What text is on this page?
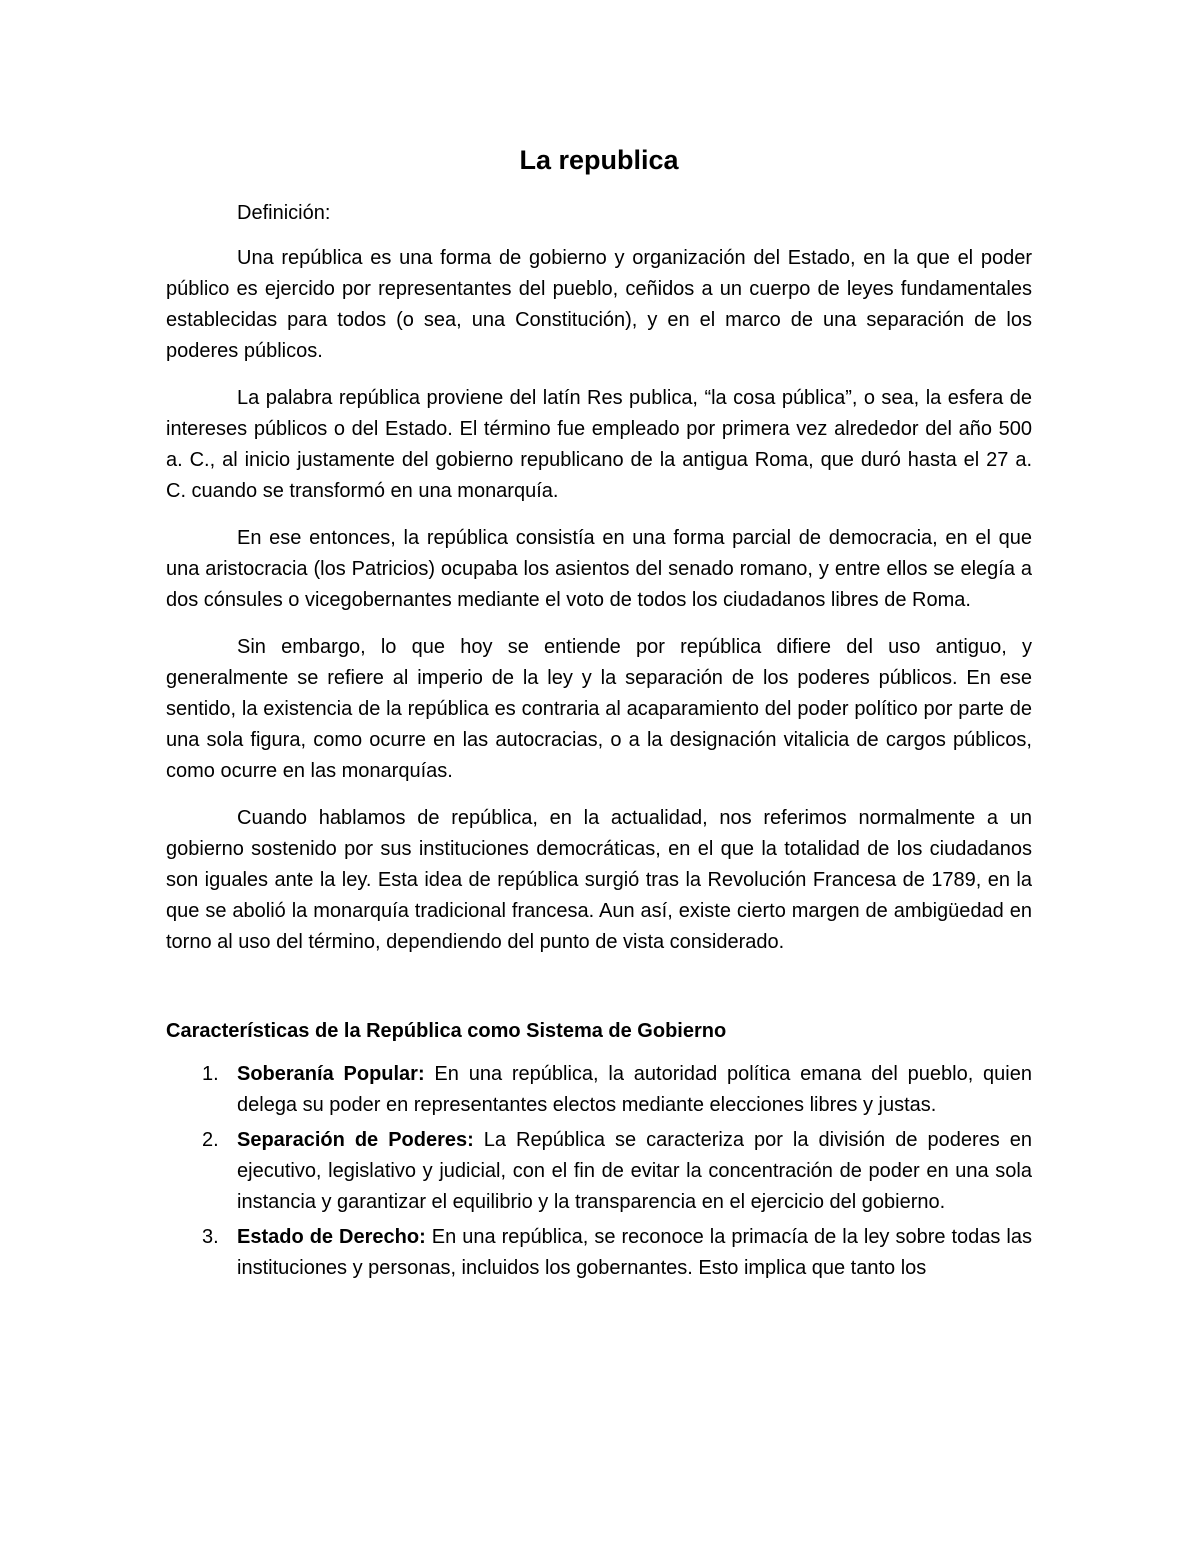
La republica

Definición:

Una república es una forma de gobierno y organización del Estado, en la que el poder público es ejercido por representantes del pueblo, ceñidos a un cuerpo de leyes fundamentales establecidas para todos (o sea, una Constitución), y en el marco de una separación de los poderes públicos.

La palabra república proviene del latín Res publica, “la cosa pública”, o sea, la esfera de intereses públicos o del Estado. El término fue empleado por primera vez alrededor del año 500 a. C., al inicio justamente del gobierno republicano de la antigua Roma, que duró hasta el 27 a. C. cuando se transformó en una monarquía.

En ese entonces, la república consistía en una forma parcial de democracia, en el que una aristocracia (los Patricios) ocupaba los asientos del senado romano, y entre ellos se elegía a dos cónsules o vicegobernantes mediante el voto de todos los ciudadanos libres de Roma.

Sin embargo, lo que hoy se entiende por república difiere del uso antiguo, y generalmente se refiere al imperio de la ley y la separación de los poderes públicos. En ese sentido, la existencia de la república es contraria al acaparamiento del poder político por parte de una sola figura, como ocurre en las autocracias, o a la designación vitalicia de cargos públicos, como ocurre en las monarquías.

Cuando hablamos de república, en la actualidad, nos referimos normalmente a un gobierno sostenido por sus instituciones democráticas, en el que la totalidad de los ciudadanos son iguales ante la ley. Esta idea de república surgió tras la Revolución Francesa de 1789, en la que se abolió la monarquía tradicional francesa. Aun así, existe cierto margen de ambigüedad en torno al uso del término, dependiendo del punto de vista considerado.

Características de la República como Sistema de Gobierno
1. Soberanía Popular: En una república, la autoridad política emana del pueblo, quien delega su poder en representantes electos mediante elecciones libres y justas.
2. Separación de Poderes: La República se caracteriza por la división de poderes en ejecutivo, legislativo y judicial, con el fin de evitar la concentración de poder en una sola instancia y garantizar el equilibrio y la transparencia en el ejercicio del gobierno.
3. Estado de Derecho: En una república, se reconoce la primacía de la ley sobre todas las instituciones y personas, incluidos los gobernantes. Esto implica que tanto los
